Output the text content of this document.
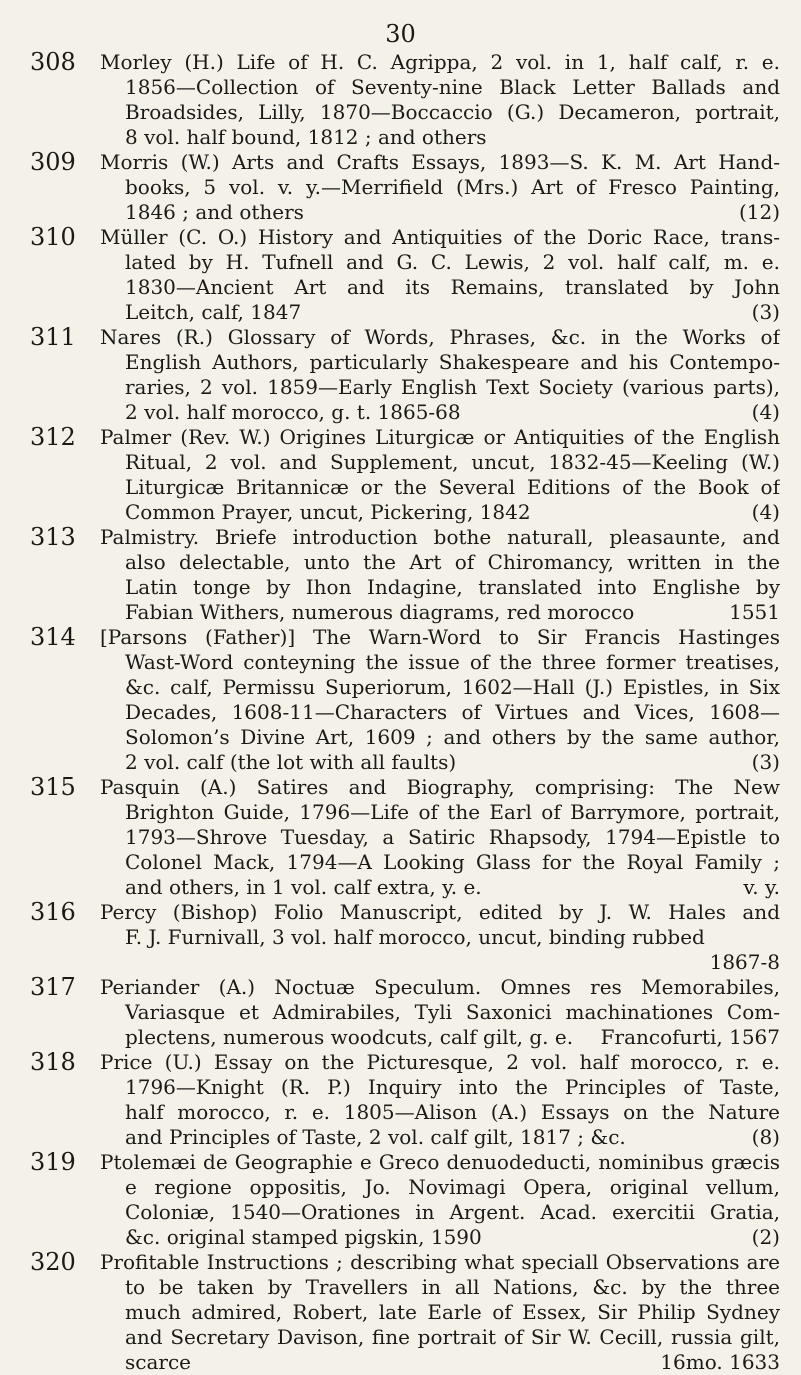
30
308	Morley (H.) Life of H. C. Agrippa, 2 vol. in 1, half calf, r. e.
1856—Collection of Seventy-nine Black Letter Ballads and
Broadsides, Lilly, 1870—Boccaccio (G.) Decameron, portrait,
8 vol. half bound, 1812 ; and others
309	Morris (W.) Arts and Crafts Essays, 1893—S. K. M. Art Hand-
books, 5 vol. v. y.—Merrifield (Mrs.) Art of Fresco Painting,
1846 ; and others	(12)
310	Müller (C. O.) History and Antiquities of the Doric Race, trans-
lated by H. Tufnell and G. C. Lewis, 2 vol. half calf, m. e.
1830—Ancient Art and its Remains, translated by John
Leitch, calf, 1847	(3)
311	Nares (R.) Glossary of Words, Phrases, &c. in the Works of
English Authors, particularly Shakespeare and his Contempo-
raries, 2 vol. 1859—Early English Text Society (various parts),
2 vol. half morocco, g. t. 1865-68	(4)
312	Palmer (Rev. W.) Origines Liturgicæ or Antiquities of the English
Ritual, 2 vol. and Supplement, uncut, 1832-45—Keeling (W.)
Liturgicæ Britannicæ or the Several Editions of the Book of
Common Prayer, uncut, Pickering, 1842	(4)
313	Palmistry. Briefe introduction bothe naturall, pleasaunte, and
also delectable, unto the Art of Chiromancy, written in the
Latin tonge by Ihon Indagine, translated into Englishe by
Fabian Withers, numerous diagrams, red morocco	1551
314	[Parsons (Father)] The Warn-Word to Sir Francis Hastinges
Wast-Word conteyning the issue of the three former treatises,
&c. calf, Permissu Superiorum, 1602—Hall (J.) Epistles, in Six
Decades, 1608-11—Characters of Virtues and Vices, 1608—
Solomon’s Divine Art, 1609 ; and others by the same author,
2 vol. calf (the lot with all faults)	(3)
315	Pasquin (A.) Satires and Biography, comprising: The New
Brighton Guide, 1796—Life of the Earl of Barrymore, portrait,
1793—Shrove Tuesday, a Satiric Rhapsody, 1794—Epistle to
Colonel Mack, 1794—A Looking Glass for the Royal Family ;
and others, in 1 vol. calf extra, y. e.	v. y.
316	Percy (Bishop) Folio Manuscript, edited by J. W. Hales and
F. J. Furnivall, 3 vol. half morocco, uncut, binding rubbed
1867-8
317	Periander (A.) Noctuæ Speculum. Omnes res Memorabiles,
Variasque et Admirabiles, Tyli Saxonici machinationes Com-
plectens, numerous woodcuts, calf gilt, g. e. Francofurti, 1567
318	Price (U.) Essay on the Picturesque, 2 vol. half morocco, r. e.
1796—Knight (R. P.) Inquiry into the Principles of Taste,
half morocco, r. e. 1805—Alison (A.) Essays on the Nature
and Principles of Taste, 2 vol. calf gilt, 1817 ; &c.	(8)
319	Ptolemæi de Geographie e Greco denuodeducti, nominibus græcis
e regione oppositis, Jo. Novimagi Opera, original vellum,
Coloniæ, 1540—Orationes in Argent. Acad. exercitii Gratia,
&c. original stamped pigskin, 1590	(2)
320	Profitable Instructions ; describing what speciall Observations are
to be taken by Travellers in all Nations, &c. by the three
much admired, Robert, late Earle of Essex, Sir Philip Sydney
and Secretary Davison, fine portrait of Sir W. Cecill, russia gilt,
scarce	16mo. 1633
